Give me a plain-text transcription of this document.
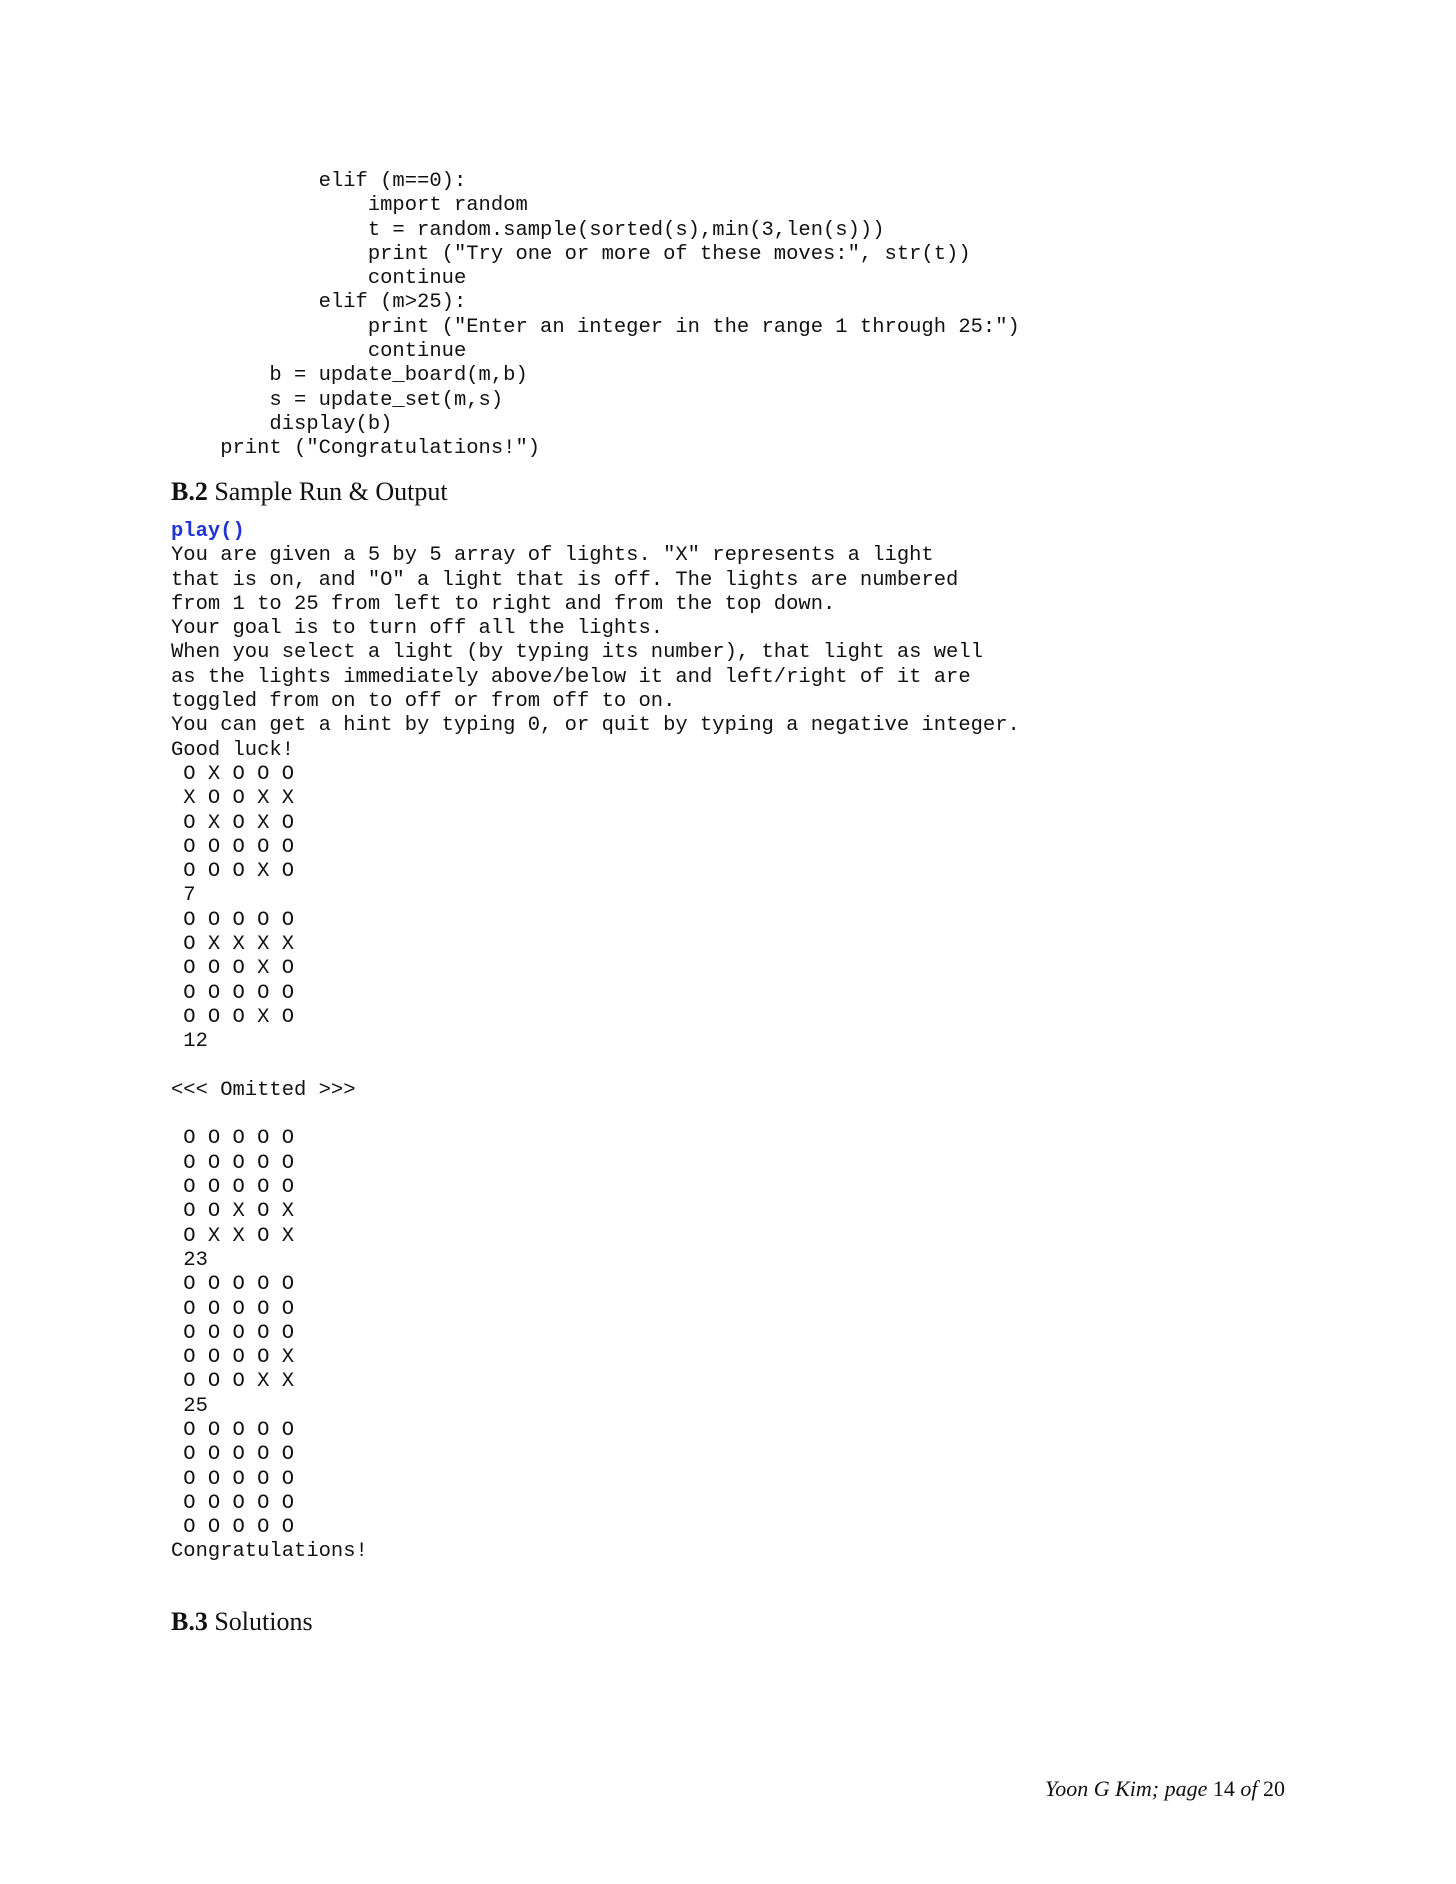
elif (m==0):
import random
t = random.sample(sorted(s),min(3,len(s)))
print ("Try one or more of these moves:", str(t))
continue
elif (m>25):
print ("Enter an integer in the range 1 through 25:")
continue
b = update_board(m,b)
s = update_set(m,s)
display(b)
print ("Congratulations!")
B.2 Sample Run & Output
play()
You are given a 5 by 5 array of lights. "X" represents a light
that is on, and "O" a light that is off. The lights are numbered
from 1 to 25 from left to right and from the top down.
Your goal is to turn off all the lights.
When you select a light (by typing its number), that light as well
as the lights immediately above/below it and left/right of it are
toggled from on to off or from off to on.
You can get a hint by typing 0, or quit by typing a negative integer.
Good luck!
O X O O O
X O O X X
O X O X O
O O O O O
O O O X O
7
O O O O O
O X X X X
O O O X O
O O O O O
O O O X O
12

<<< Omitted >>>

O O O O O
O O O O O
O O O O O
O O X O X
O X X O X
23
O O O O O
O O O O O
O O O O O
O O O O X
O O O X X
25
O O O O O
O O O O O
O O O O O
O O O O O
O O O O O
Congratulations!
B.3 Solutions
Yoon G Kim; page 14 of 20
